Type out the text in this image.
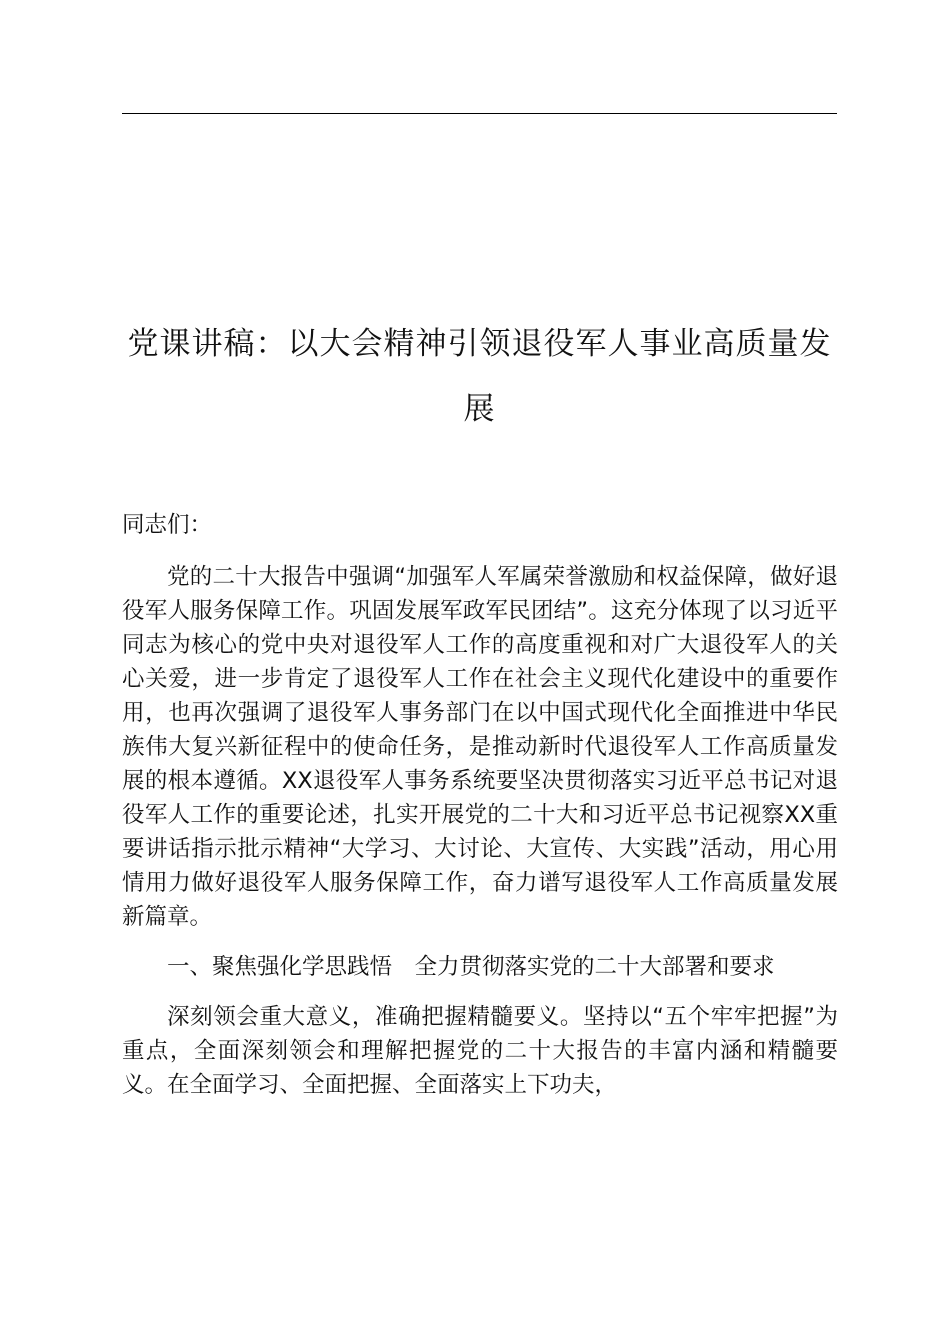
党课讲稿：以大会精神引领退役军人事业高质量发展

同志们：

党的二十大报告中强调“加强军人军属荣誉激励和权益保障，做好退役军人服务保障工作。巩固发展军政军民团结”。这充分体现了以习近平同志为核心的党中央对退役军人工作的高度重视和对广大退役军人的关心关爱，进一步肯定了退役军人工作在社会主义现代化建设中的重要作用，也再次强调了退役军人事务部门在以中国式现代化全面推进中华民族伟大复兴新征程中的使命任务，是推动新时代退役军人工作高质量发展的根本遵循。XX退役军人事务系统要坚决贯彻落实习近平总书记对退役军人工作的重要论述，扎实开展党的二十大和习近平总书记视察XX重要讲话指示批示精神“大学习、大讨论、大宣传、大实践”活动，用心用情用力做好退役军人服务保障工作，奋力谱写退役军人工作高质量发展新篇章。

一、聚焦强化学思践悟　全力贯彻落实党的二十大部署和要求

深刻领会重大意义，准确把握精髓要义。坚持以“五个牢牢把握”为重点，全面深刻领会和理解把握党的二十大报告的丰富内涵和精髓要义。在全面学习、全面把握、全面落实上下功夫，
